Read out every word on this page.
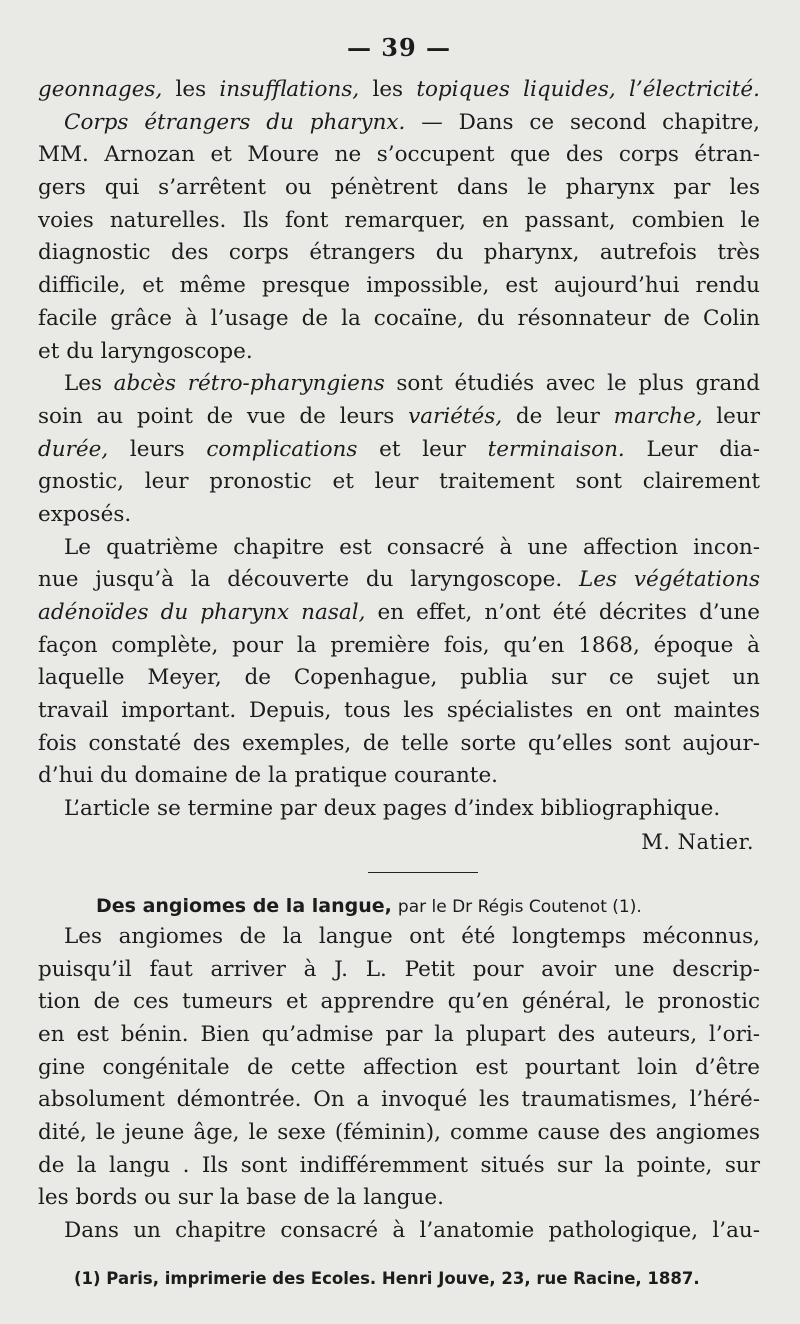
— 39 —
geonnages, les insufflations, les topiques liquides, l’électricité.
Corps étrangers du pharynx. — Dans ce second chapitre,
MM. Arnozan et Moure ne s’occupent que des corps étran-
gers qui s’arrêtent ou pénètrent dans le pharynx par les
voies naturelles. Ils font remarquer, en passant, combien le
diagnostic des corps étrangers du pharynx, autrefois très
difficile, et même presque impossible, est aujourd’hui rendu
facile grâce à l’usage de la cocaïne, du résonnateur de Colin
et du laryngoscope.
Les abcès rétro-pharyngiens sont étudiés avec le plus grand
soin au point de vue de leurs variétés, de leur marche, leur
durée, leurs complications et leur terminaison. Leur dia-
gnostic, leur pronostic et leur traitement sont clairement
exposés.
Le quatrième chapitre est consacré à une affection incon-
nue jusqu’à la découverte du laryngoscope. Les végétations
adénoïdes du pharynx nasal, en effet, n’ont été décrites d’une
façon complète, pour la première fois, qu’en 1868, époque à
laquelle Meyer, de Copenhague, publia sur ce sujet un
travail important. Depuis, tous les spécialistes en ont maintes
fois constaté des exemples, de telle sorte qu’elles sont aujour-
d’hui du domaine de la pratique courante.
L’article se termine par deux pages d’index bibliographique.
M. Natier.
Des angiomes de la langue, par le Dr Régis Coutenot (1).
Les angiomes de la langue ont été longtemps méconnus,
puisqu’il faut arriver à J. L. Petit pour avoir une descrip-
tion de ces tumeurs et apprendre qu’en général, le pronostic
en est bénin. Bien qu’admise par la plupart des auteurs, l’ori-
gine congénitale de cette affection est pourtant loin d’être
absolument démontrée. On a invoqué les traumatismes, l’héré-
dité, le jeune âge, le sexe (féminin), comme cause des angiomes
de la langu . Ils sont indifféremment situés sur la pointe, sur
les bords ou sur la base de la langue.
Dans un chapitre consacré à l’anatomie pathologique, l’au-
(1) Paris, imprimerie des Ecoles. Henri Jouve, 23, rue Racine, 1887.
